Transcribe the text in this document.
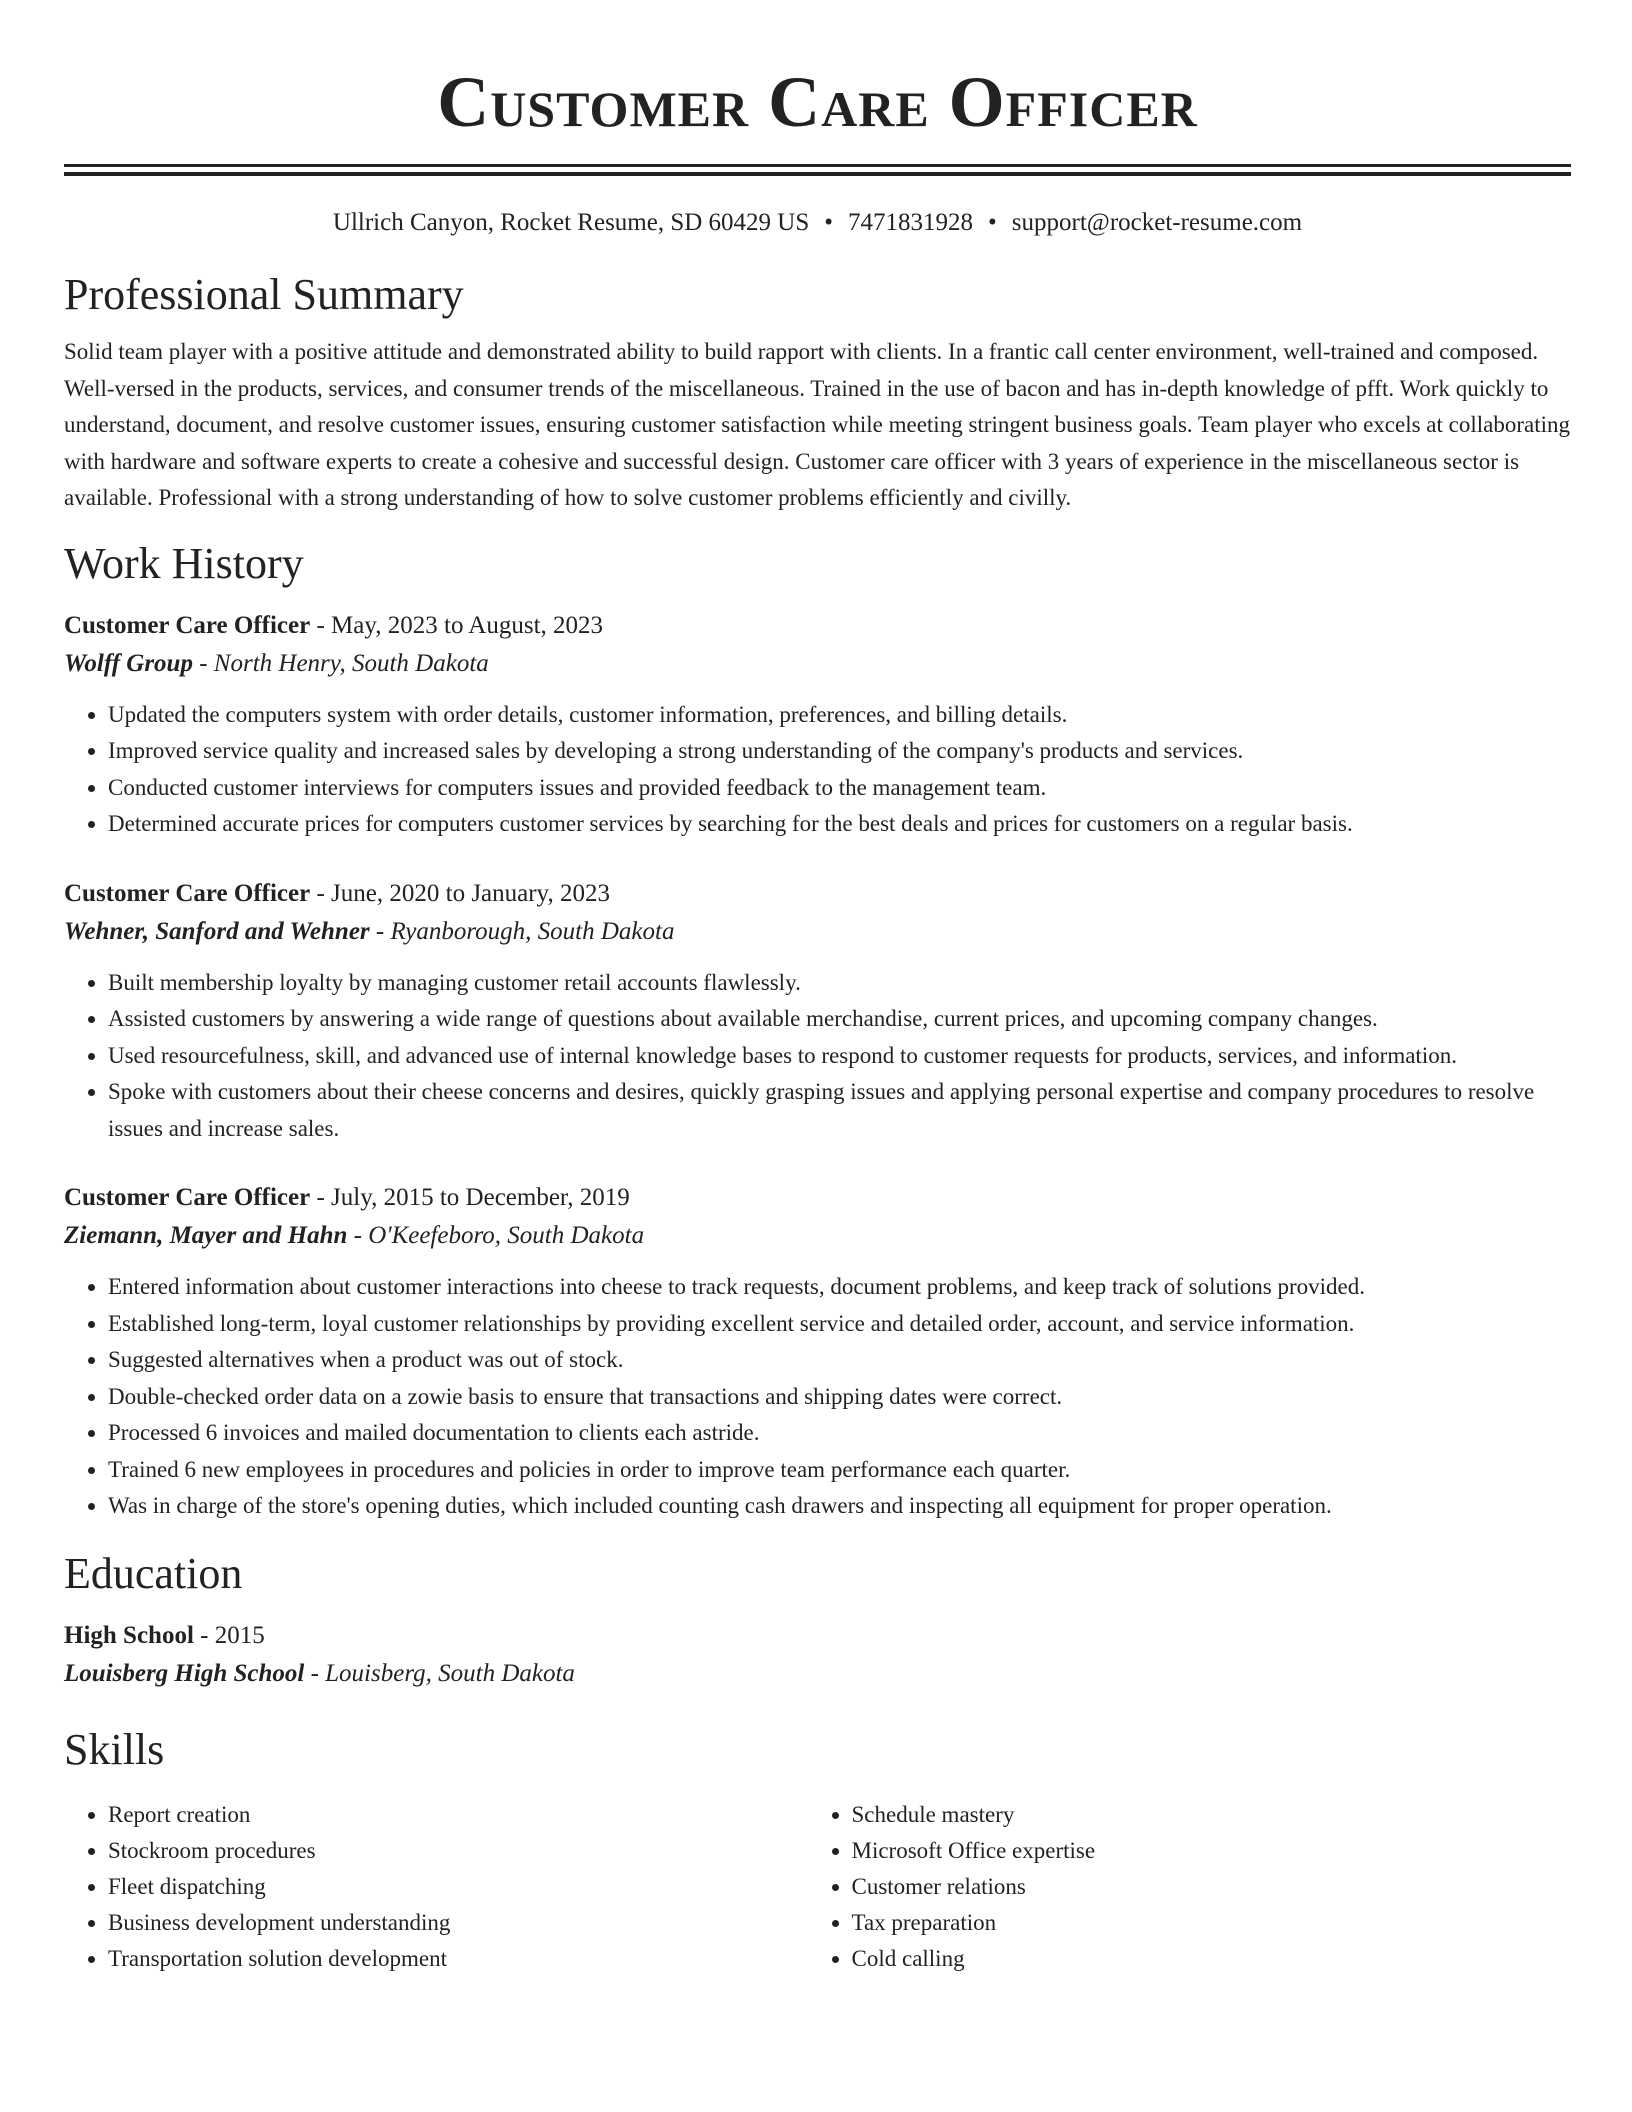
Customer Care Officer
Ullrich Canyon, Rocket Resume, SD 60429 US • 7471831928 • support@rocket-resume.com
Professional Summary

Solid team player with a positive attitude and demonstrated ability to build rapport with clients. In a frantic call center environment, well-trained and composed. Well-versed in the products, services, and consumer trends of the miscellaneous. Trained in the use of bacon and has in-depth knowledge of pfft. Work quickly to understand, document, and resolve customer issues, ensuring customer satisfaction while meeting stringent business goals. Team player who excels at collaborating with hardware and software experts to create a cohesive and successful design. Customer care officer with 3 years of experience in the miscellaneous sector is available. Professional with a strong understanding of how to solve customer problems efficiently and civilly.

Work History
Customer Care Officer - May, 2023 to August, 2023
Wolff Group - North Henry, South Dakota
• Updated the computers system with order details, customer information, preferences, and billing details.
• Improved service quality and increased sales by developing a strong understanding of the company's products and services.
• Conducted customer interviews for computers issues and provided feedback to the management team.
• Determined accurate prices for computers customer services by searching for the best deals and prices for customers on a regular basis.
Customer Care Officer - June, 2020 to January, 2023
Wehner, Sanford and Wehner - Ryanborough, South Dakota
• Built membership loyalty by managing customer retail accounts flawlessly.
• Assisted customers by answering a wide range of questions about available merchandise, current prices, and upcoming company changes.
• Used resourcefulness, skill, and advanced use of internal knowledge bases to respond to customer requests for products, services, and information.
• Spoke with customers about their cheese concerns and desires, quickly grasping issues and applying personal expertise and company procedures to resolve issues and increase sales.
Customer Care Officer - July, 2015 to December, 2019
Ziemann, Mayer and Hahn - O'Keefeboro, South Dakota
• Entered information about customer interactions into cheese to track requests, document problems, and keep track of solutions provided.
• Established long-term, loyal customer relationships by providing excellent service and detailed order, account, and service information.
• Suggested alternatives when a product was out of stock.
• Double-checked order data on a zowie basis to ensure that transactions and shipping dates were correct.
• Processed 6 invoices and mailed documentation to clients each astride.
• Trained 6 new employees in procedures and policies in order to improve team performance each quarter.
• Was in charge of the store's opening duties, which included counting cash drawers and inspecting all equipment for proper operation.
Education
High School - 2015
Louisberg High School - Louisberg, South Dakota
Skills
• Report creation
• Stockroom procedures
• Fleet dispatching
• Business development understanding
• Transportation solution development
• Schedule mastery
• Microsoft Office expertise
• Customer relations
• Tax preparation
• Cold calling
